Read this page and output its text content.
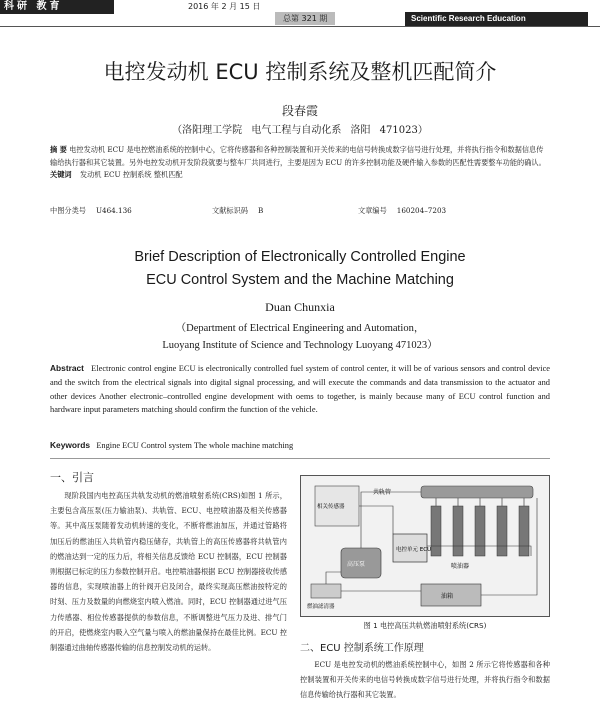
科研 教育	2016 年 2 月 15 日
总第 321 期	Scientific Research Education
电控发动机 ECU 控制系统及整机匹配简介
段春霞
（洛阳理工学院 电气工程与自动化系 洛阳 471023）
摘 要 电控发动机 ECU 是电控燃油系统的控制中心，它将传感器和各种控制装置和开关传来的电信号转换成数字信号进行处理，并将执行指令和数据信息传输给执行器和其它装置。另外电控发动机开发阶段就要与整车厂共同进行，主要是因为 ECU 的许多控制功能及硬件输入参数的匹配性需要整车功能的确认。
关键词 发动机 ECU 控制系统 整机匹配
中图分类号 U464.136	文献标识码 B	文章编号 160204–7203
Brief Description of Electronically Controlled Engine
ECU Control System and the Machine Matching
Duan Chunxia
（Department of Electrical Engineering and Automation，
Luoyang Institute of Science and Technology Luoyang 471023）
Abstract Electronic control engine ECU is electronically controlled fuel system of control center, it will be of various sensors and control device and the switch from the electrical signals into digital signal processing, and will execute the commands and data transmission to the actuator and other devices Another electronic–controlled engine development with oems to together, is mainly because many of ECU control function and hardware input parameters matching should confirm the function of the vehicle.
Keywords Engine ECU Control system The whole machine matching
一、引言

现阶段国内电控高压共轨发动机的燃油喷射系统(CRS)如图 1 所示，主要包含高压泵(压力输油泵)、共轨管、ECU、电控喷油器及相关传感器等。其中高压泵随着发动机转速的变化，不断将燃油加压，并通过管路将加压后的燃油压入共轨管内稳压储存，共轨管上的高压传感器将共轨管内的燃油达到一定的压力后，将相关信息反馈给 ECU 控制器，ECU 控制器则根据已标定的压力参数控制开启。电控喷油器根据 ECU 控制器接收传感器的信息，实现喷油器上的针阀开启及闭合，最终实现高压燃油按特定的时刻、压力及数量的向燃烧室内喷入燃油。同时，ECU 控制器通过进气压力传感器、相位传感器提供的参数信息，不断调整进气压力及进、排气门的开启，使燃烧室内吸入空气量与喷入的燃油量保持在最佳比例。ECU 控制器通过曲轴传感器传输的信息控制发动机的运转。

共轨管
喷油器
电控单元 ECU
相关传感器
高压泵
燃油滤清器
油箱
图 1 电控高压共轨燃油喷射系统(CRS)
二、ECU 控制系统工作原理

ECU 是电控发动机的燃油系统控制中心，如图 2 所示它将传感器和各种控制装置和开关传来的电信号转换成数字信号进行处理，并将执行指令和数据信息传输给执行器和其它装置。
